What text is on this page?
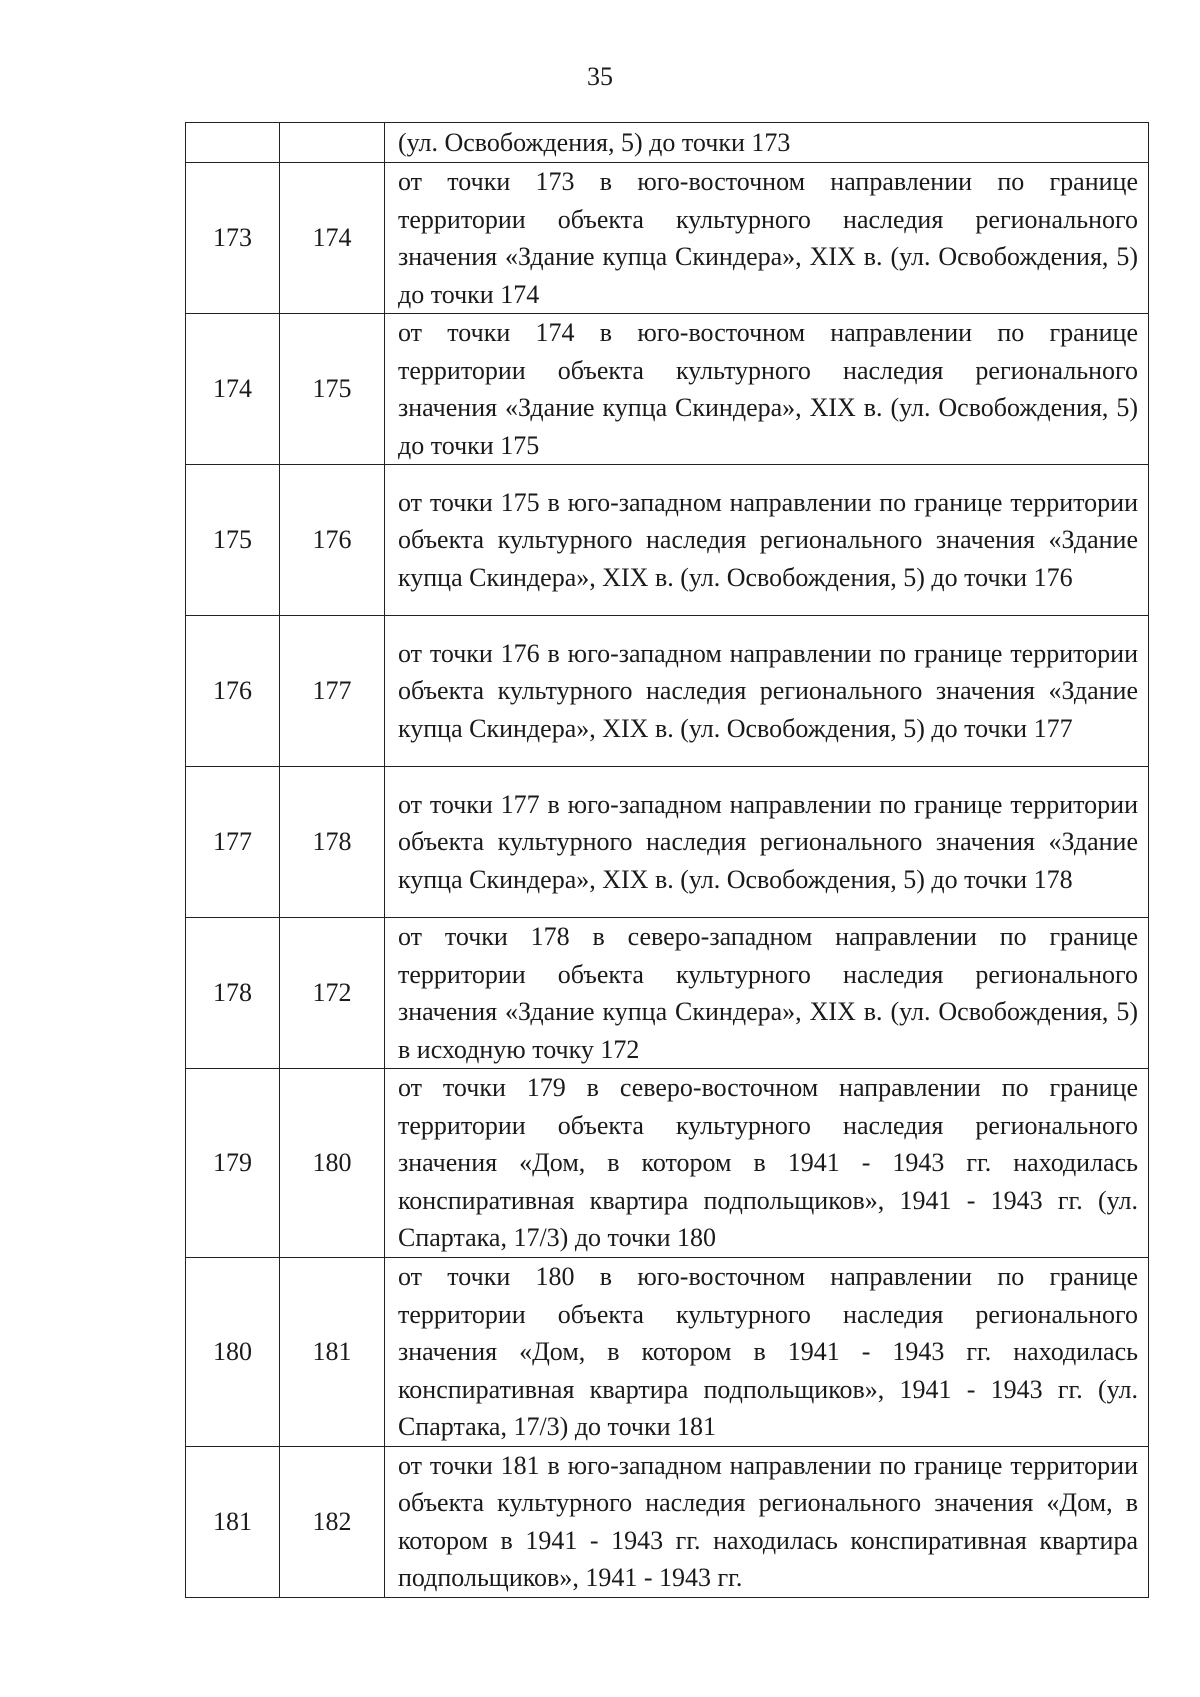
35
		(ул. Освобождения, 5) до точки 173
173	174	от точки 173 в юго-восточном направлении по границе территории объекта культурного наследия регионального значения «Здание купца Скиндера», XIX в. (ул. Освобождения, 5) до точки 174
174	175	от точки 174 в юго-восточном направлении по границе территории объекта культурного наследия регионального значения «Здание купца Скиндера», XIX в. (ул. Освобождения, 5) до точки 175
175	176	от точки 175 в юго-западном направлении по границе территории объекта культурного наследия регионального значения «Здание купца Скиндера», XIX в. (ул. Освобождения, 5) до точки 176
176	177	от точки 176 в юго-западном направлении по границе территории объекта культурного наследия регионального значения «Здание купца Скиндера», XIX в. (ул. Освобождения, 5) до точки 177
177	178	от точки 177 в юго-западном направлении по границе территории объекта культурного наследия регионального значения «Здание купца Скиндера», XIX в. (ул. Освобождения, 5) до точки 178
178	172	от точки 178 в северо-западном направлении по границе территории объекта культурного наследия регионального значения «Здание купца Скиндера», XIX в. (ул. Освобождения, 5) в исходную точку 172
179	180	от точки 179 в северо-восточном направлении по границе территории объекта культурного наследия регионального значения «Дом, в котором в 1941 - 1943 гг. находилась конспиративная квартира подпольщиков», 1941 - 1943 гг. (ул. Спартака, 17/3) до точки 180
180	181	от точки 180 в юго-восточном направлении по границе территории объекта культурного наследия регионального значения «Дом, в котором в 1941 - 1943 гг. находилась конспиративная квартира подпольщиков», 1941 - 1943 гг. (ул. Спартака, 17/3) до точки 181
181	182	от точки 181 в юго-западном направлении по границе территории объекта культурного наследия регионального значения «Дом, в котором в 1941 - 1943 гг. находилась конспиративная квартира подпольщиков», 1941 - 1943 гг.
